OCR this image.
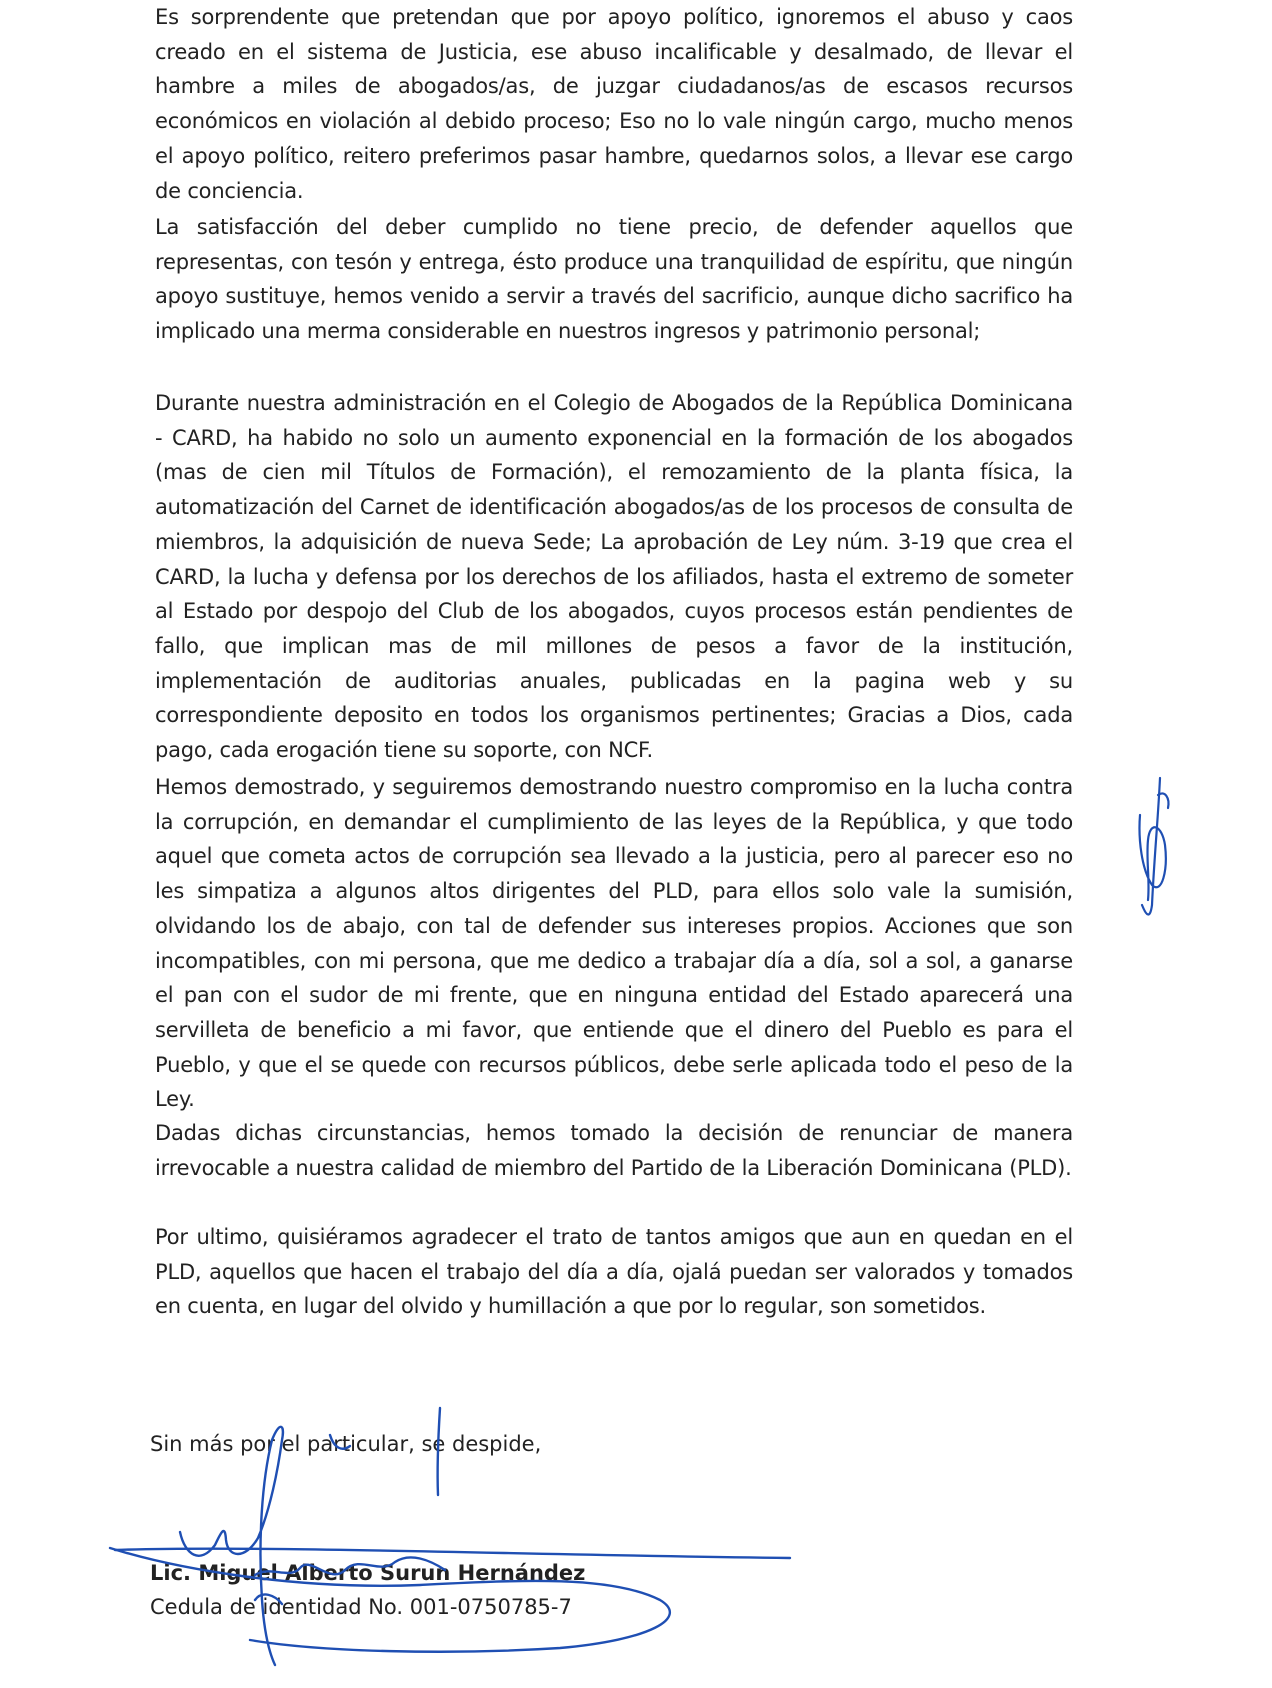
Es sorprendente que pretendan que por apoyo político, ignoremos el abuso y caos creado en el sistema de Justicia, ese abuso incalificable y desalmado, de llevar el hambre a miles de abogados/as, de juzgar ciudadanos/as de escasos recursos económicos en violación al debido proceso; Eso no lo vale ningún cargo, mucho menos el apoyo político, reitero preferimos pasar hambre, quedarnos solos, a llevar ese cargo de conciencia.

La satisfacción del deber cumplido no tiene precio, de defender aquellos que representas, con tesón y entrega, ésto produce una tranquilidad de espíritu, que ningún apoyo sustituye, hemos venido a servir a través del sacrificio, aunque dicho sacrifico ha implicado una merma considerable en nuestros ingresos y patrimonio personal;

Durante nuestra administración en el Colegio de Abogados de la República Dominicana - CARD, ha habido no solo un aumento exponencial en la formación de los abogados (mas de cien mil Títulos de Formación), el remozamiento de la planta física, la automatización del Carnet de identificación abogados/as de los procesos de consulta de miembros, la adquisición de nueva Sede; La aprobación de Ley núm. 3-19 que crea el CARD, la lucha y defensa por los derechos de los afiliados, hasta el extremo de someter al Estado por despojo del Club de los abogados, cuyos procesos están pendientes de fallo, que implican mas de mil millones de pesos a favor de la institución, implementación de auditorias anuales, publicadas en la pagina web y su correspondiente deposito en todos los organismos pertinentes; Gracias a Dios, cada pago, cada erogación tiene su soporte, con NCF.

Hemos demostrado, y seguiremos demostrando nuestro compromiso en la lucha contra la corrupción, en demandar el cumplimiento de las leyes de la República, y que todo aquel que cometa actos de corrupción sea llevado a la justicia, pero al parecer eso no les simpatiza a algunos altos dirigentes del PLD, para ellos solo vale la sumisión, olvidando los de abajo, con tal de defender sus intereses propios. Acciones que son incompatibles, con mi persona, que me dedico a trabajar día a día, sol a sol, a ganarse el pan con el sudor de mi frente, que en ninguna entidad del Estado aparecerá una servilleta de beneficio a mi favor, que entiende que el dinero del Pueblo es para el Pueblo, y que el se quede con recursos públicos, debe serle aplicada todo el peso de la Ley.

Dadas dichas circunstancias, hemos tomado la decisión de renunciar de manera irrevocable a nuestra calidad de miembro del Partido de la Liberación Dominicana (PLD).

Por ultimo, quisiéramos agradecer el trato de tantos amigos que aun en quedan en el PLD, aquellos que hacen el trabajo del día a día, ojalá puedan ser valorados y tomados en cuenta, en lugar del olvido y humillación a que por lo regular, son sometidos.

Sin más por el particular, se despide,

Lic. Miguel Alberto Surun Hernández

Cedula de identidad No. 001-0750785-7
